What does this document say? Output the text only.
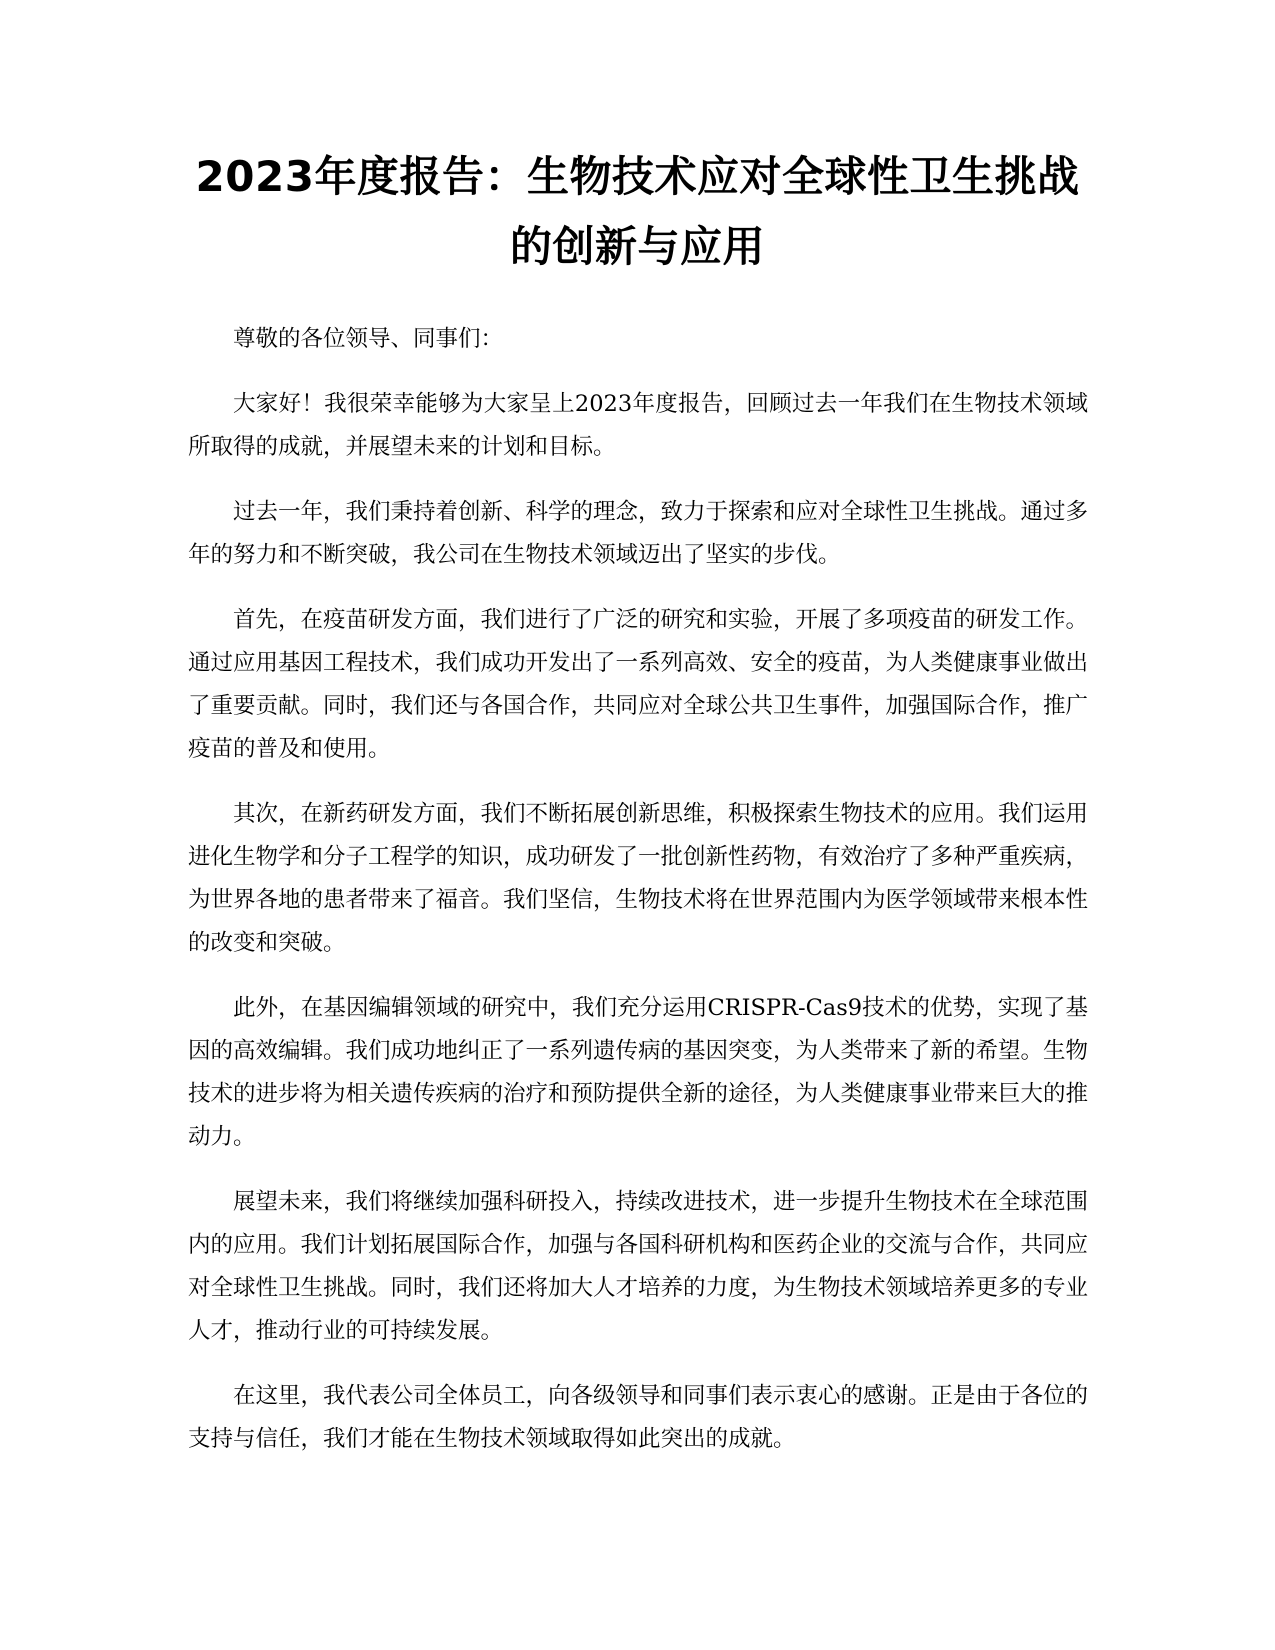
2023年度报告：生物技术应对全球性卫生挑战的创新与应用

尊敬的各位领导、同事们：

大家好！我很荣幸能够为大家呈上2023年度报告，回顾过去一年我们在生物技术领域所取得的成就，并展望未来的计划和目标。

过去一年，我们秉持着创新、科学的理念，致力于探索和应对全球性卫生挑战。通过多年的努力和不断突破，我公司在生物技术领域迈出了坚实的步伐。

首先，在疫苗研发方面，我们进行了广泛的研究和实验，开展了多项疫苗的研发工作。通过应用基因工程技术，我们成功开发出了一系列高效、安全的疫苗，为人类健康事业做出了重要贡献。同时，我们还与各国合作，共同应对全球公共卫生事件，加强国际合作，推广疫苗的普及和使用。

其次，在新药研发方面，我们不断拓展创新思维，积极探索生物技术的应用。我们运用进化生物学和分子工程学的知识，成功研发了一批创新性药物，有效治疗了多种严重疾病，为世界各地的患者带来了福音。我们坚信，生物技术将在世界范围内为医学领域带来根本性的改变和突破。

此外，在基因编辑领域的研究中，我们充分运用CRISPR-Cas9技术的优势，实现了基因的高效编辑。我们成功地纠正了一系列遗传病的基因突变，为人类带来了新的希望。生物技术的进步将为相关遗传疾病的治疗和预防提供全新的途径，为人类健康事业带来巨大的推动力。

展望未来，我们将继续加强科研投入，持续改进技术，进一步提升生物技术在全球范围内的应用。我们计划拓展国际合作，加强与各国科研机构和医药企业的交流与合作，共同应对全球性卫生挑战。同时，我们还将加大人才培养的力度，为生物技术领域培养更多的专业人才，推动行业的可持续发展。

在这里，我代表公司全体员工，向各级领导和同事们表示衷心的感谢。正是由于各位的支持与信任，我们才能在生物技术领域取得如此突出的成就。
